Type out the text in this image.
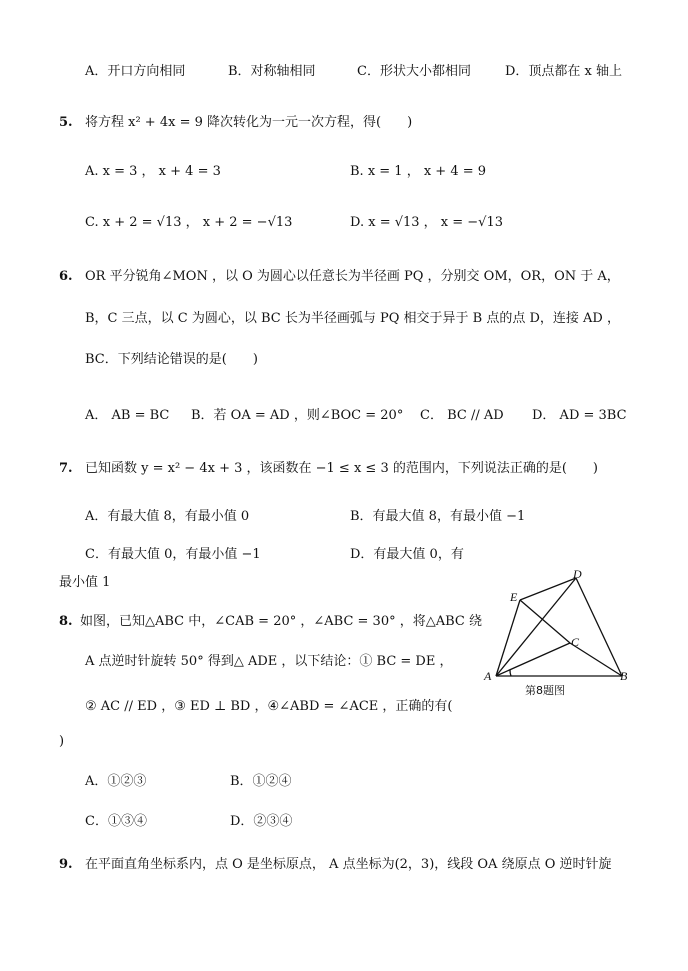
A．开口方向相同	B．对称轴相同	C．形状大小都相同	D．顶点都在 x 轴上
5. 将方程 x² + 4x = 9 降次转化为一元一次方程，得(　　)
A. x = 3 ， x + 4 = 3	B. x = 1 ， x + 4 = 9
C. x + 2 = √13 ， x + 2 = −√13	D. x = √13 ， x = −√13
6. OR 平分锐角∠MON ，以 O 为圆心以任意长为半径画 PQ ，分别交 OM，OR，ON 于 A，
B，C 三点，以 C 为圆心，以 BC 长为半径画弧与 PQ 相交于异于 B 点的点 D，连接 AD ，
BC．下列结论错误的是(　　)
A． AB = BC B．若 OA = AD ，则∠BOC = 20° C． BC // AD D． AD = 3BC
7. 已知函数 y = x² − 4x + 3 ，该函数在 −1 ≤ x ≤ 3 的范围内，下列说法正确的是(　　)
A．有最大值 8，有最小值 0	B．有最大值 8，有最小值 −1
C．有最大值 0，有最小值 −1	D．有最大值 0，有
最小值 1
8. 如图，已知△ABC 中，∠CAB = 20° ，∠ABC = 30° ，将△ABC 绕
A 点逆时针旋转 50° 得到△ ADE ，以下结论：① BC = DE ，
② AC // ED ，③ ED ⊥ BD ，④∠ABD = ∠ACE ，正确的有(
)
A．①②③	B．①②④
C．①③④	D．②③④
A	B
C
D
E
第8题图
9. 在平面直角坐标系内，点 O 是坐标原点， A 点坐标为(2，3)，线段 OA 绕原点 O 逆时针旋
